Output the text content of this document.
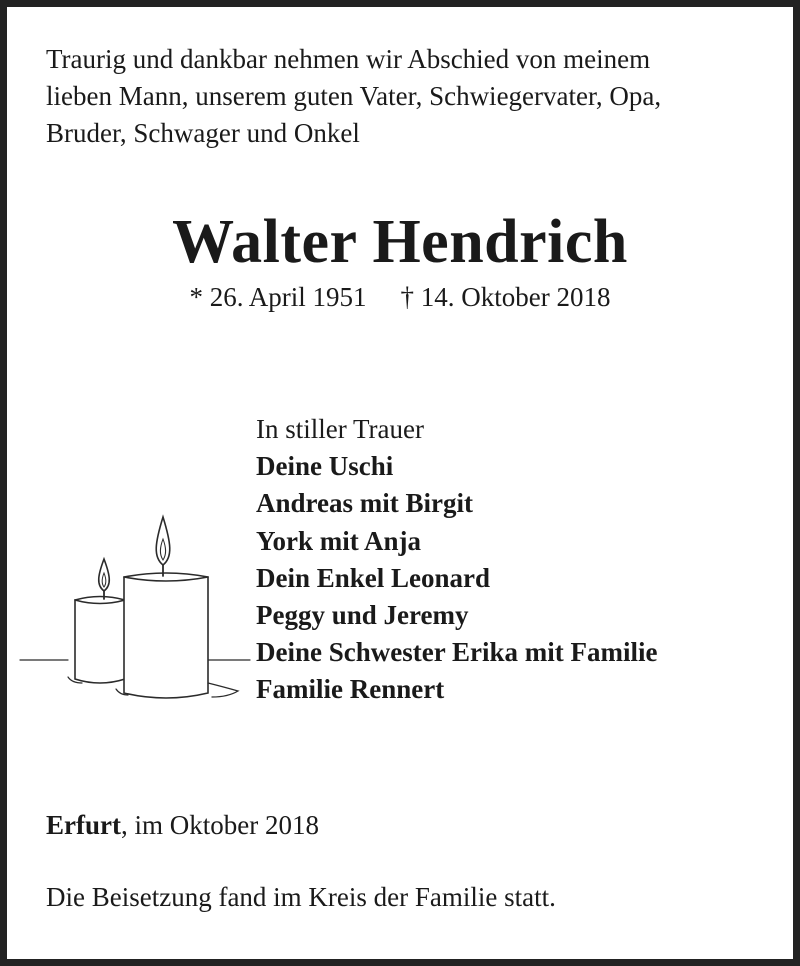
Traurig und dankbar nehmen wir Abschied von meinem
lieben Mann, unserem guten Vater, Schwiegervater, Opa,
Bruder, Schwager und Onkel

Walter Hendrich
* 26. April 1951 † 14. Oktober 2018
In stiller Trauer
Deine Uschi
Andreas mit Birgit
York mit Anja
Dein Enkel Leonard
Peggy und Jeremy
Deine Schwester Erika mit Familie
Familie Rennert

Erfurt, im Oktober 2018

Die Beisetzung fand im Kreis der Familie statt.
